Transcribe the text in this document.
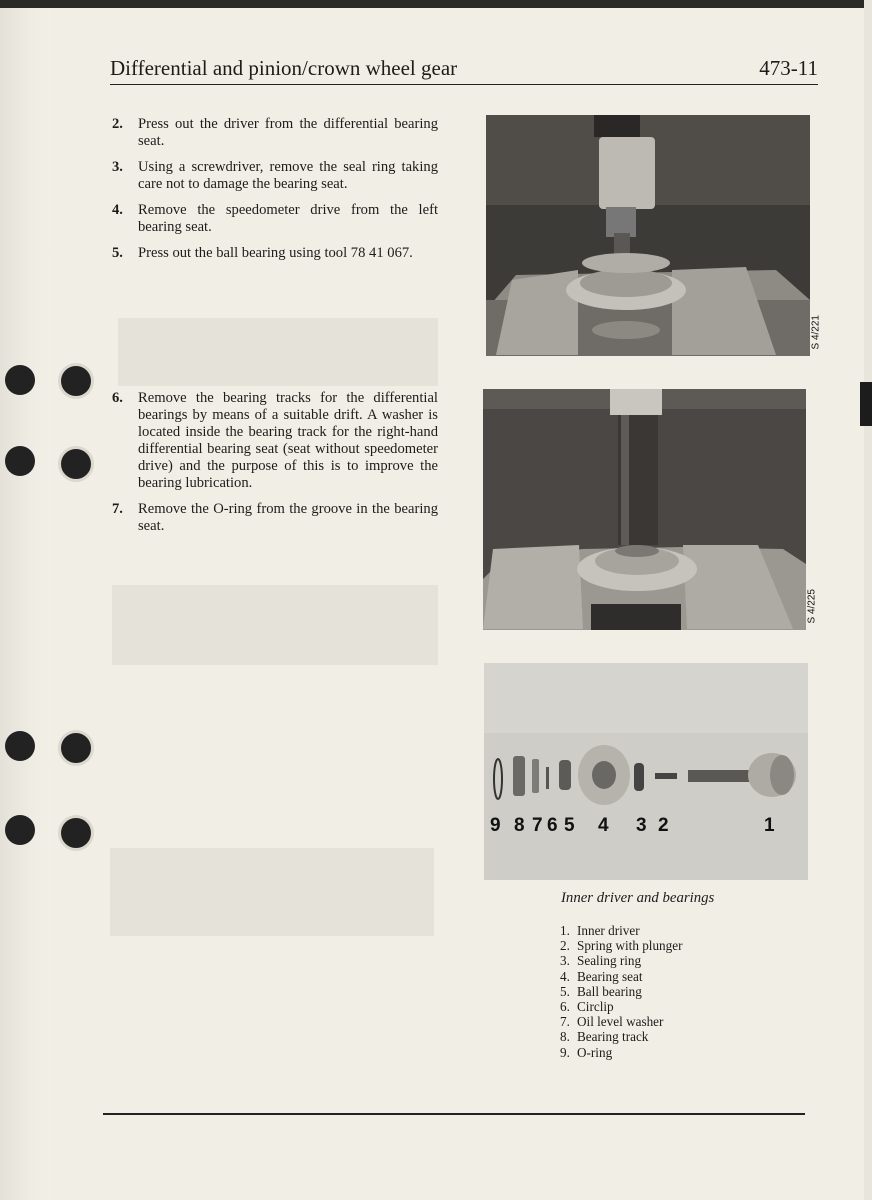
Differential and pinion/crown wheel gear	473-11
2. Press out the driver from the differential bearing seat.
3. Using a screwdriver, remove the seal ring taking care not to damage the bearing seat.
4. Remove the speedometer drive from the left bearing seat.
5. Press out the ball bearing using tool 78 41 067.
6. Remove the bearing tracks for the differential bearings by means of a suitable drift. A washer is located inside the bearing track for the right-hand differential bearing seat (seat without speedometer drive) and the purpose of this is to improve the bearing lubrication.
7. Remove the O-ring from the groove in the bearing seat.
S 4/221
S 4/225
9 8 7 6 5 4 3 2	1
Inner driver and bearings
1. Inner driver
2. Spring with plunger
3. Sealing ring
4. Bearing seat
5. Ball bearing
6. Circlip
7. Oil level washer
8. Bearing track
9. O-ring
